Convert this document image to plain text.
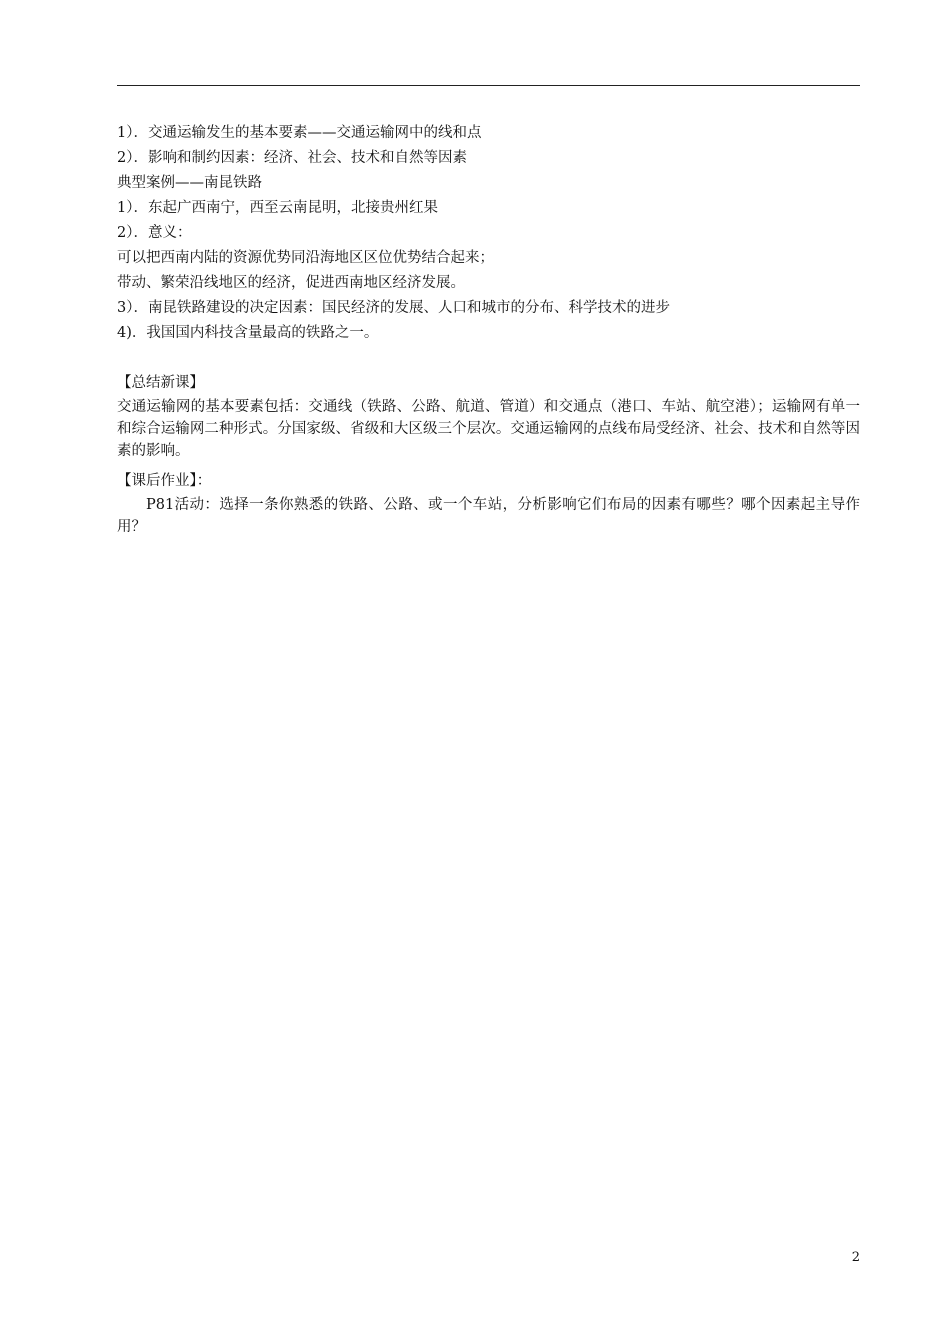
1）．交通运输发生的基本要素——交通运输网中的线和点
2）．影响和制约因素：经济、社会、技术和自然等因素
典型案例——南昆铁路
1）．东起广西南宁，西至云南昆明，北接贵州红果
2）．意义：
可以把西南内陆的资源优势同沿海地区区位优势结合起来；
带动、繁荣沿线地区的经济，促进西南地区经济发展。
3）．南昆铁路建设的决定因素：国民经济的发展、人口和城市的分布、科学技术的进步
4)．我国国内科技含量最高的铁路之一。
【总结新课】
交通运输网的基本要素包括：交通线（铁路、公路、航道、管道）和交通点（港口、车站、航空港）；运输网有单一和综合运输网二种形式。分国家级、省级和大区级三个层次。交通运输网的点线布局受经济、社会、技术和自然等因素的影响。
【课后作业】：
P81活动：选择一条你熟悉的铁路、公路、或一个车站，分析影响它们布局的因素有哪些？哪个因素起主导作用？
2
